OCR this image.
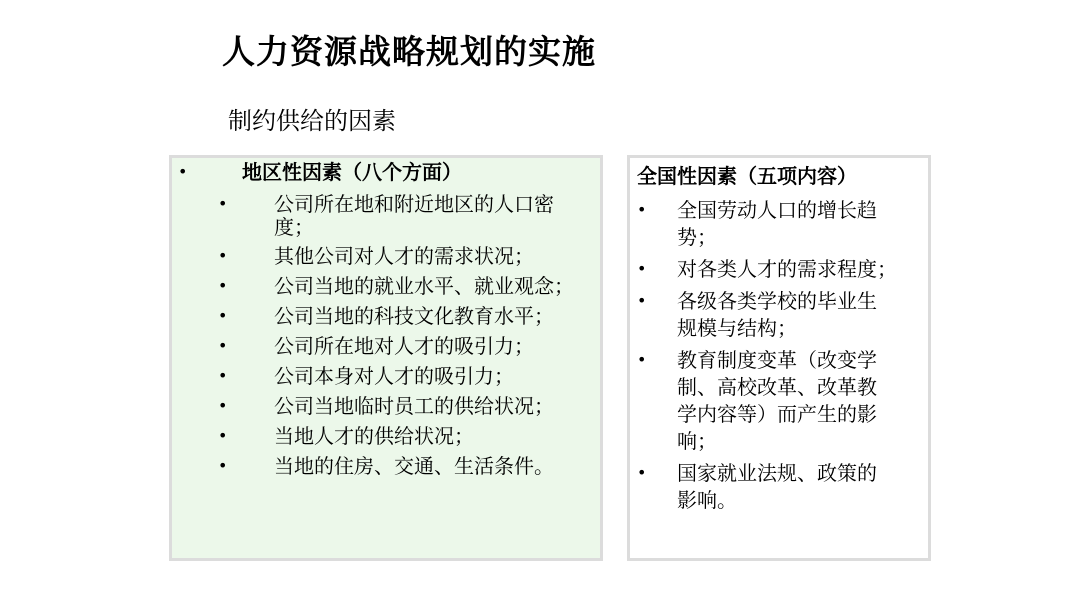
人力资源战略规划的实施
制约供给的因素
•	地区性因素（八个方面）
• 公司所在地和附近地区的人口密
度；
• 其他公司对人才的需求状况；
• 公司当地的就业水平、就业观念；
• 公司当地的科技文化教育水平；
• 公司所在地对人才的吸引力；
• 公司本身对人才的吸引力；
• 公司当地临时员工的供给状况；
• 当地人才的供给状况；
• 当地的住房、交通、生活条件。
全国性因素（五项内容）
• 全国劳动人口的增长趋
势；
• 对各类人才的需求程度；
• 各级各类学校的毕业生
规模与结构；
• 教育制度变革（改变学
制、高校改革、改革教
学内容等）而产生的影
响；
• 国家就业法规、政策的
影响。
